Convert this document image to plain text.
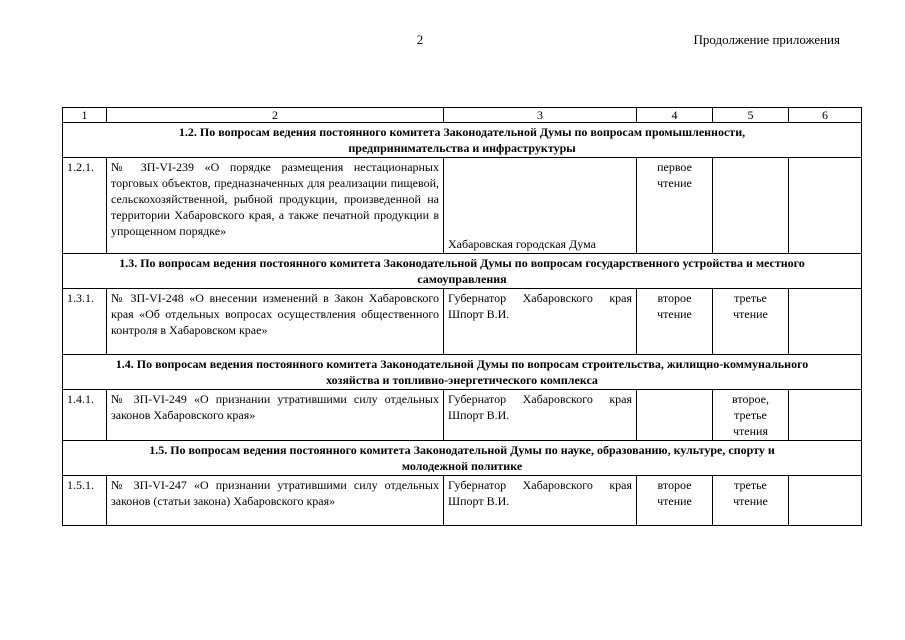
2	Продолжение приложения
1	2	3	4	5	6
1.2. По вопросам ведения постоянного комитета Законодательной Думы по вопросам промышленности, предпринимательства и инфраструктуры					
1.2.1.	№ ЗП-VI-239 «О порядке размещения нестационарных торговых объектов, предназначенных для реализации пищевой, сельскохозяйственной, рыбной продукции, произведенной на территории Хабаровского края, а также печатной продукции в упрощенном порядке»	Хабаровская городская Дума	первое чтение		
1.3. По вопросам ведения постоянного комитета Законодательной Думы по вопросам государственного устройства и местного самоуправления					
1.3.1.	№ ЗП-VI-248 «О внесении изменений в Закон Хабаровского края «Об отдельных вопросах осуществления общественного контроля в Хабаровском крае»	Губернатор Хабаровского края Шпорт В.И.	второе чтение	третье чтение	
1.4. По вопросам ведения постоянного комитета Законодательной Думы по вопросам строительства, жилищно-коммунального хозяйства и топливно-энергетического комплекса					
1.4.1.	№ ЗП-VI-249 «О признании утратившими силу отдельных законов Хабаровского края»	Губернатор Хабаровского края Шпорт В.И.		второе, третье чтения	
1.5. По вопросам ведения постоянного комитета Законодательной Думы по науке, образованию, культуре, спорту и молодежной политике					
1.5.1.	№ ЗП-VI-247 «О признании утратившими силу отдельных законов (статьи закона) Хабаровского края»	Губернатор Хабаровского края Шпорт В.И.	второе чтение	третье чтение	
